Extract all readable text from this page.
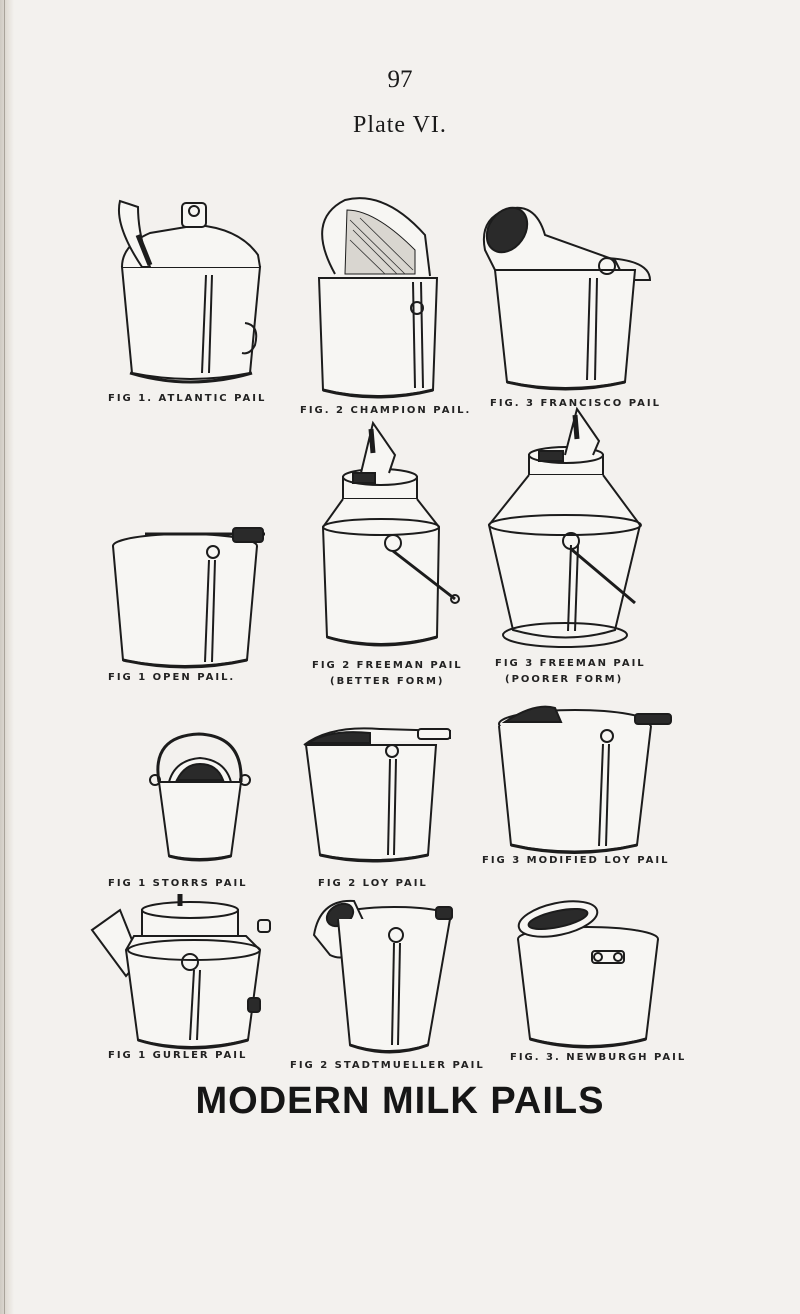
97
Plate VI.
FIG 1. ATLANTIC PAIL
FIG. 2 CHAMPION PAIL.
FIG. 3 FRANCISCO PAIL
FIG 1 OPEN PAIL.
FIG 2 FREEMAN PAIL
(BETTER FORM)
FIG 3 FREEMAN PAIL
(POORER FORM)
FIG 1 STORRS PAIL	FIG 2 LOY PAIL
FIG 3 MODIFIED LOY PAIL
FIG 1 GURLER PAIL
FIG 2 STADTMUELLER PAIL
FIG. 3. NEWBURGH PAIL
MODERN MILK PAILS
